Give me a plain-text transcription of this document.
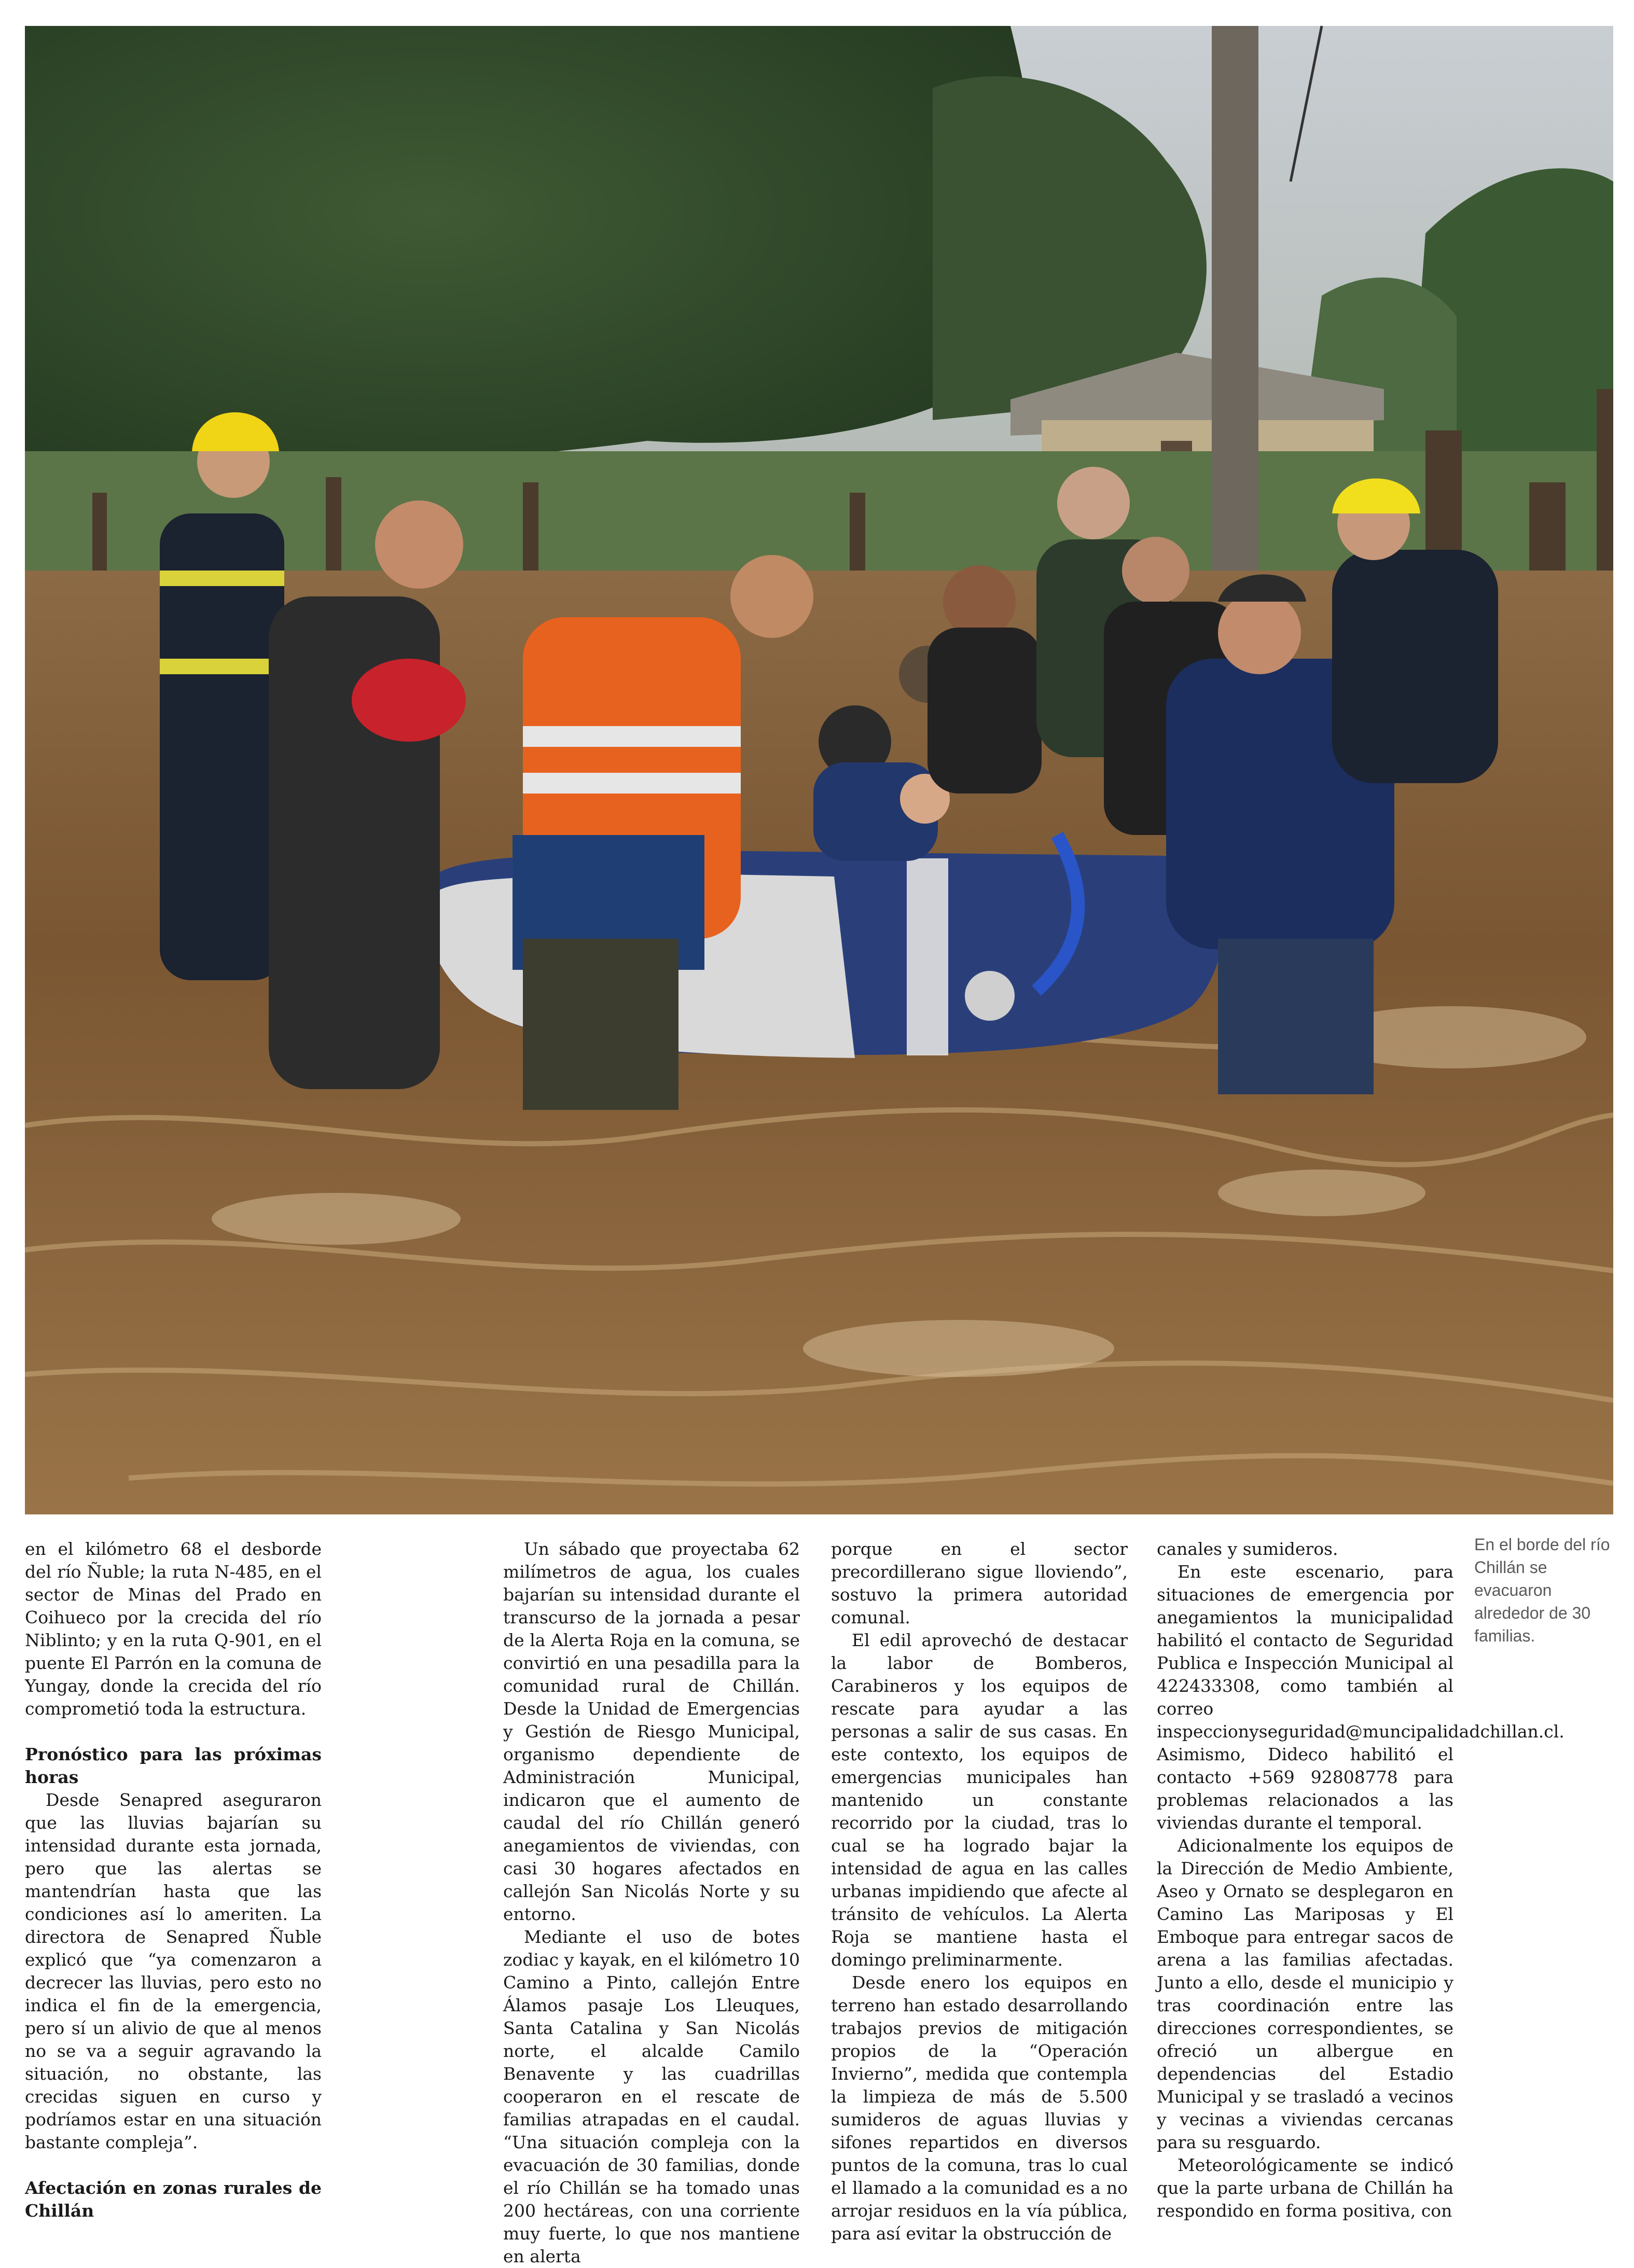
En el borde del río Chillán se evacuaron alrededor de 30 familias.

en el kilómetro 68 el desborde del río Ñuble; la ruta N-485, en el sector de Minas del Prado en Coihueco por la crecida del río Niblinto; y en la ruta Q-901, en el puente El Parrón en la comuna de Yungay, donde la crecida del río comprometió toda la estructura.

Pronóstico para las próximas horas

Desde Senapred aseguraron que las lluvias bajarían su intensidad durante esta jornada, pero que las alertas se mantendrían hasta que las condiciones así lo ameriten. La directora de Senapred Ñuble explicó que “ya comenzaron a decrecer las lluvias, pero esto no indica el fin de la emergencia, pero sí un alivio de que al menos no se va a seguir agravando la situación, no obstante, las crecidas siguen en curso y podríamos estar en una situación bastante compleja”.

Afectación en zonas rurales de Chillán

Un sábado que proyectaba 62 milímetros de agua, los cuales bajarían su intensidad durante el transcurso de la jornada a pesar de la Alerta Roja en la comuna, se convirtió en una pesadilla para la comunidad rural de Chillán. Desde la Unidad de Emergencias y Gestión de Riesgo Municipal, organismo dependiente de Administración Municipal, indicaron que el aumento de caudal del río Chillán generó anegamientos de viviendas, con casi 30 hogares afectados en callejón San Nicolás Norte y su entorno.

Mediante el uso de botes zodiac y kayak, en el kilómetro 10 Camino a Pinto, callejón Entre Álamos pasaje Los Lleuques, Santa Catalina y San Nicolás norte, el alcalde Camilo Benavente y las cuadrillas cooperaron en el rescate de familias atrapadas en el caudal. “Una situación compleja con la evacuación de 30 familias, donde el río Chillán se ha tomado unas 200 hectáreas, con una corriente muy fuerte, lo que nos mantiene en alerta

porque en el sector precordillerano sigue lloviendo”, sostuvo la primera autoridad comunal.

El edil aprovechó de destacar la labor de Bomberos, Carabineros y los equipos de rescate para ayudar a las personas a salir de sus casas. En este contexto, los equipos de emergencias municipales han mantenido un constante recorrido por la ciudad, tras lo cual se ha logrado bajar la intensidad de agua en las calles urbanas impidiendo que afecte al tránsito de vehículos. La Alerta Roja se mantiene hasta el domingo preliminarmente.

Desde enero los equipos en terreno han estado desarrollando trabajos previos de mitigación propios de la “Operación Invierno”, medida que contempla la limpieza de más de 5.500 sumideros de aguas lluvias y sifones repartidos en diversos puntos de la comuna, tras lo cual el llamado a la comunidad es a no arrojar residuos en la vía pública, para así evitar la obstrucción de

canales y sumideros.

En este escenario, para situaciones de emergencia por anegamientos la municipalidad habilitó el contacto de Seguridad Publica e Inspección Municipal al 422433308, como también al correo inspeccionyseguridad@muncipalidadchillan.cl. Asimismo, Dideco habilitó el contacto +569 92808778 para problemas relacionados a las viviendas durante el temporal.

Adicionalmente los equipos de la Dirección de Medio Ambiente, Aseo y Ornato se desplegaron en Camino Las Mariposas y El Emboque para entregar sacos de arena a las familias afectadas. Junto a ello, desde el municipio y tras coordinación entre las direcciones correspondientes, se ofreció un albergue en dependencias del Estadio Municipal y se trasladó a vecinos y vecinas a viviendas cercanas para su resguardo.

Meteorológicamente se indicó que la parte urbana de Chillán ha respondido en forma positiva, con
